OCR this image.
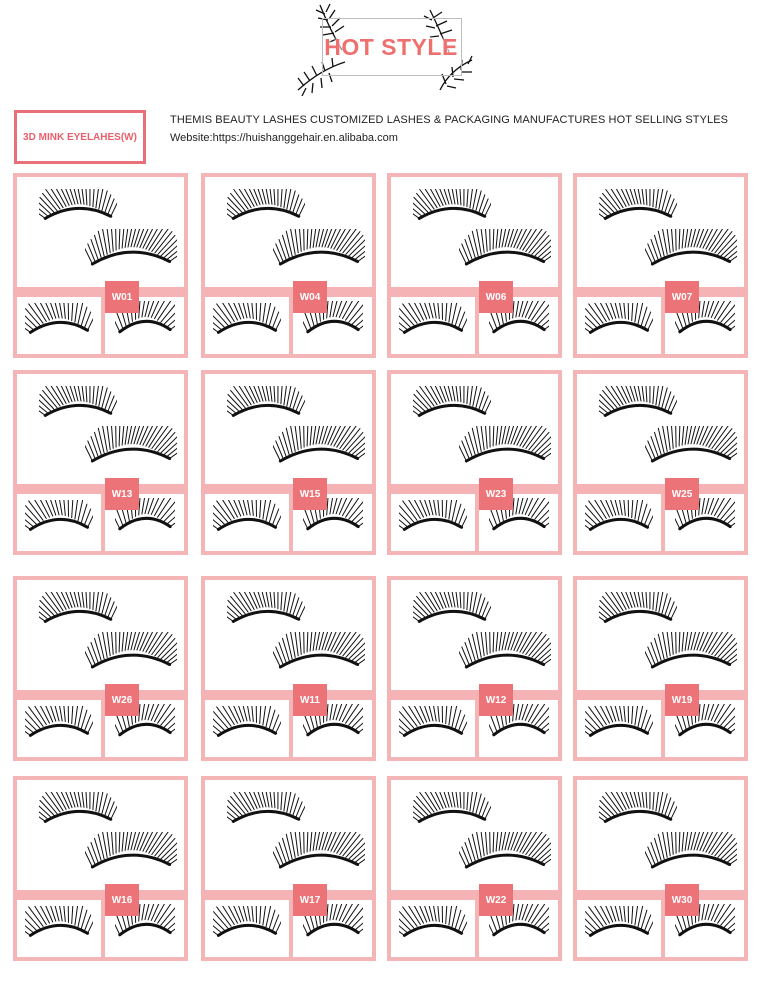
HOT STYLE
3D MINK EYELAHES(W)
THEMIS BEAUTY LASHES CUSTOMIZED LASHES & PACKAGING MANUFACTURES HOT SELLING STYLES
Website:https://huishanggehair.en.alibaba.com
W01	W04	W06	W07
W13	W15	W23	W25
W26	W11	W12	W19
W16	W17	W22	W30
